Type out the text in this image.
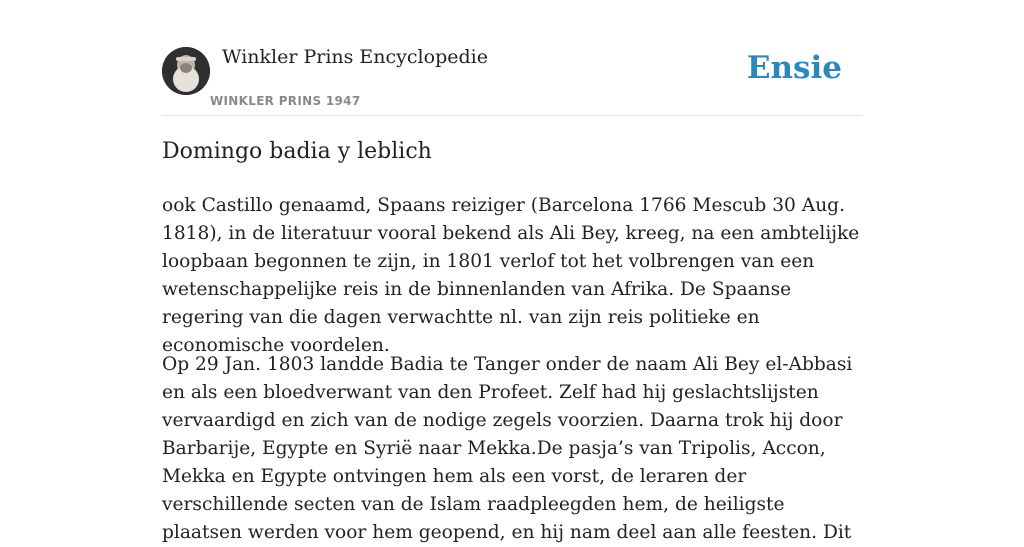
Winkler Prins Encyclopedie
WINKLER PRINS 1947
Ensie
Domingo badia y leblich

ook Castillo genaamd, Spaans reiziger (Barcelona 1766 Mescub 30 Aug. 1818), in de literatuur vooral bekend als Ali Bey, kreeg, na een ambtelijke loopbaan begonnen te zijn, in 1801 verlof tot het volbrengen van een wetenschappelijke reis in de binnenlanden van Afrika. De Spaanse regering van die dagen verwachtte nl. van zijn reis politieke en economische voordelen.

Op 29 Jan. 1803 landde Badia te Tanger onder de naam Ali Bey el-Abbasi en als een bloedverwant van den Profeet. Zelf had hij geslachtslijsten vervaardigd en zich van de nodige zegels voorzien. Daarna trok hij door Barbarije, Egypte en Syrië naar Mekka.De pasja’s van Tripolis, Accon, Mekka en Egypte ontvingen hem als een vorst, de leraren der verschillende secten van de Islam raadpleegden hem, de heiligste plaatsen werden voor hem geopend, en hij nam deel aan alle feesten. Dit
